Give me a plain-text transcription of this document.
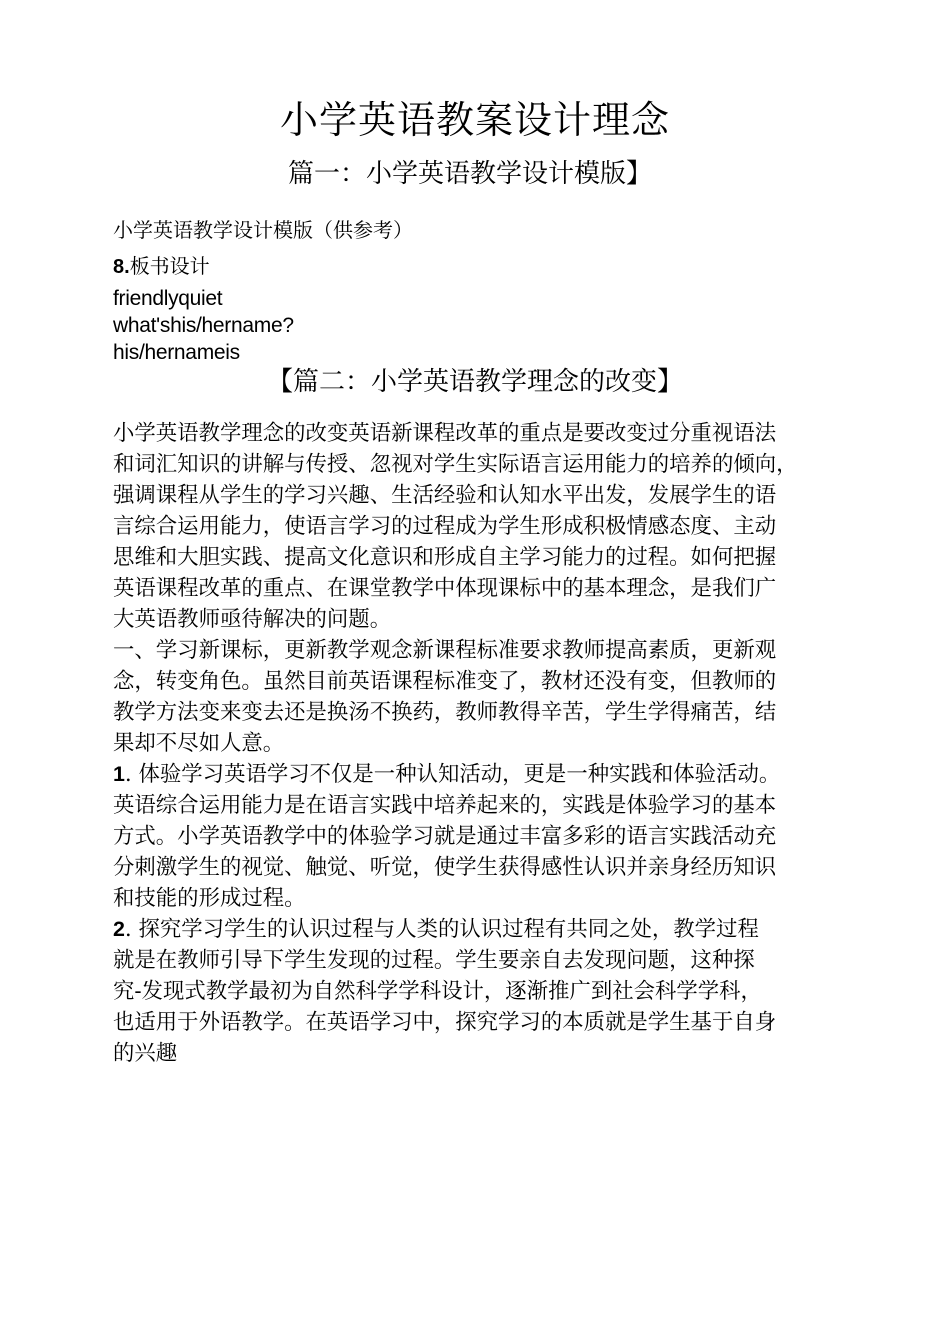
小学英语教案设计理念
篇一：小学英语教学设计模版】
小学英语教学设计模版（供参考）
8.板书设计
friendlyquiet
what'shis/hername?
his/hernameis
【篇二：小学英语教学理念的改变】
小学英语教学理念的改变英语新课程改革的重点是要改变过分重视语法
和词汇知识的讲解与传授、忽视对学生实际语言运用能力的培养的倾向，
强调课程从学生的学习兴趣、生活经验和认知水平出发，发展学生的语
言综合运用能力，使语言学习的过程成为学生形成积极情感态度、主动
思维和大胆实践、提高文化意识和形成自主学习能力的过程。如何把握
英语课程改革的重点、在课堂教学中体现课标中的基本理念，是我们广
大英语教师亟待解决的问题。
一、学习新课标，更新教学观念新课程标准要求教师提高素质，更新观
念，转变角色。虽然目前英语课程标准变了，教材还没有变，但教师的
教学方法变来变去还是换汤不换药，教师教得辛苦，学生学得痛苦，结
果却不尽如人意。
1. 体验学习英语学习不仅是一种认知活动，更是一种实践和体验活动。
英语综合运用能力是在语言实践中培养起来的，实践是体验学习的基本
方式。小学英语教学中的体验学习就是通过丰富多彩的语言实践活动充
分刺激学生的视觉、触觉、听觉，使学生获得感性认识并亲身经历知识
和技能的形成过程。
2. 探究学习学生的认识过程与人类的认识过程有共同之处，教学过程
就是在教师引导下学生发现的过程。学生要亲自去发现问题，这种探
究-发现式教学最初为自然科学学科设计，逐渐推广到社会科学学科，
也适用于外语教学。在英语学习中，探究学习的本质就是学生基于自身
的兴趣
